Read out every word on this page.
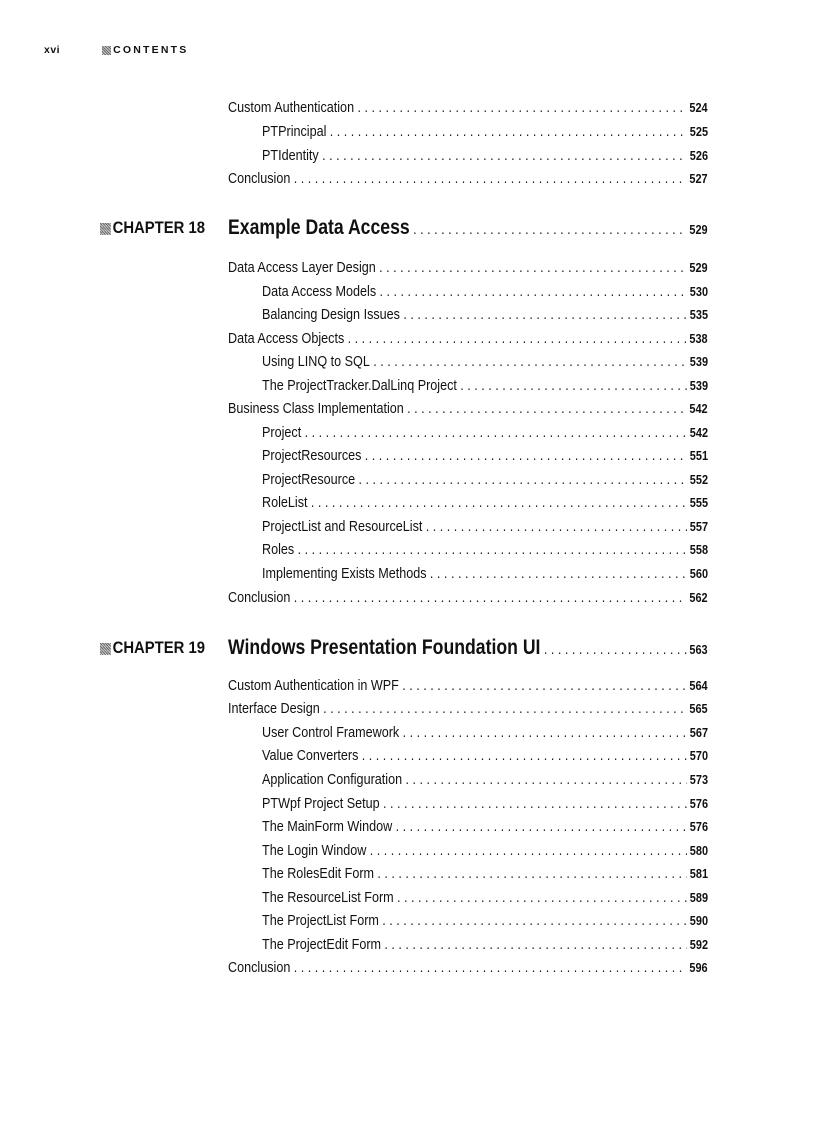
xvi	CONTENTS
Custom Authentication . . .	524
PTPrincipal . . .	525
PTIdentity . . .	526
Conclusion . . .	527
CHAPTER 18 Example Data Access . . .	529
Data Access Layer Design . . .	529
Data Access Models . . .	530
Balancing Design Issues . . .	535
Data Access Objects . . .	538
Using LINQ to SQL . . .	539
The ProjectTracker.DalLinq Project . . .	539
Business Class Implementation . . .	542
Project . . .	542
ProjectResources . . .	551
ProjectResource . . .	552
RoleList . . .	555
ProjectList and ResourceList . . .	557
Roles . . .	558
Implementing Exists Methods . . .	560
Conclusion . . .	562
CHAPTER 19 Windows Presentation Foundation UI . . .	563
Custom Authentication in WPF . . .	564
Interface Design . . .	565
User Control Framework . . .	567
Value Converters . . .	570
Application Configuration . . .	573
PTWpf Project Setup . . .	576
The MainForm Window . . .	576
The Login Window . . .	580
The RolesEdit Form . . .	581
The ResourceList Form . . .	589
The ProjectList Form . . .	590
The ProjectEdit Form . . .	592
Conclusion . . .	596
